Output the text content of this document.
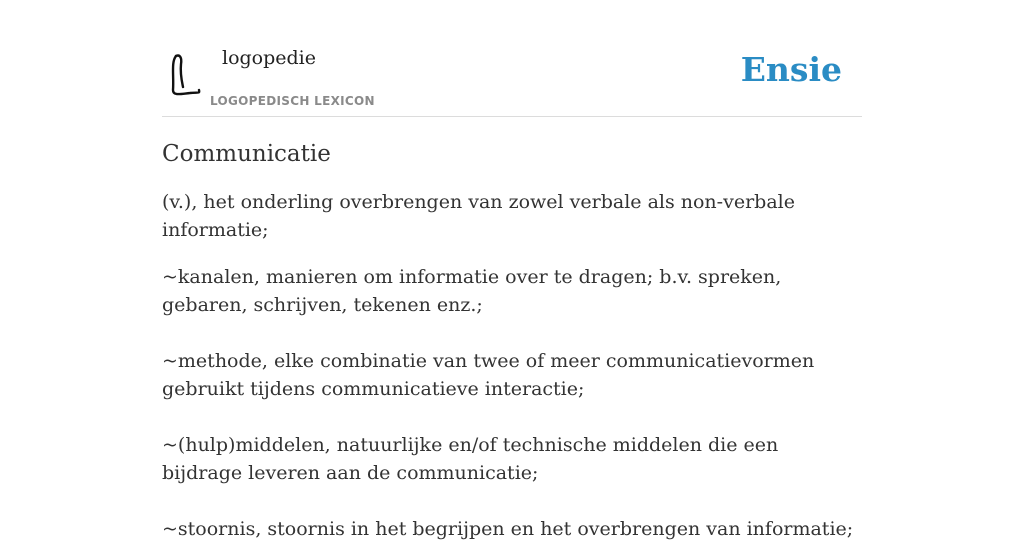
logopedie
LOGOPEDISCH LEXICON
Ensie
Communicatie

(v.), het onderling overbrengen van zowel verbale als non-verbale informatie;

~kanalen, manieren om informatie over te dragen; b.v. spreken, gebaren, schrijven, tekenen enz.;

~methode, elke combinatie van twee of meer communicatievormen gebruikt tijdens communicatieve interactie;

~(hulp)middelen, natuurlijke en/of technische middelen die een bijdrage leveren aan de communicatie;

~stoornis, stoornis in het begrijpen en het overbrengen van informatie;
